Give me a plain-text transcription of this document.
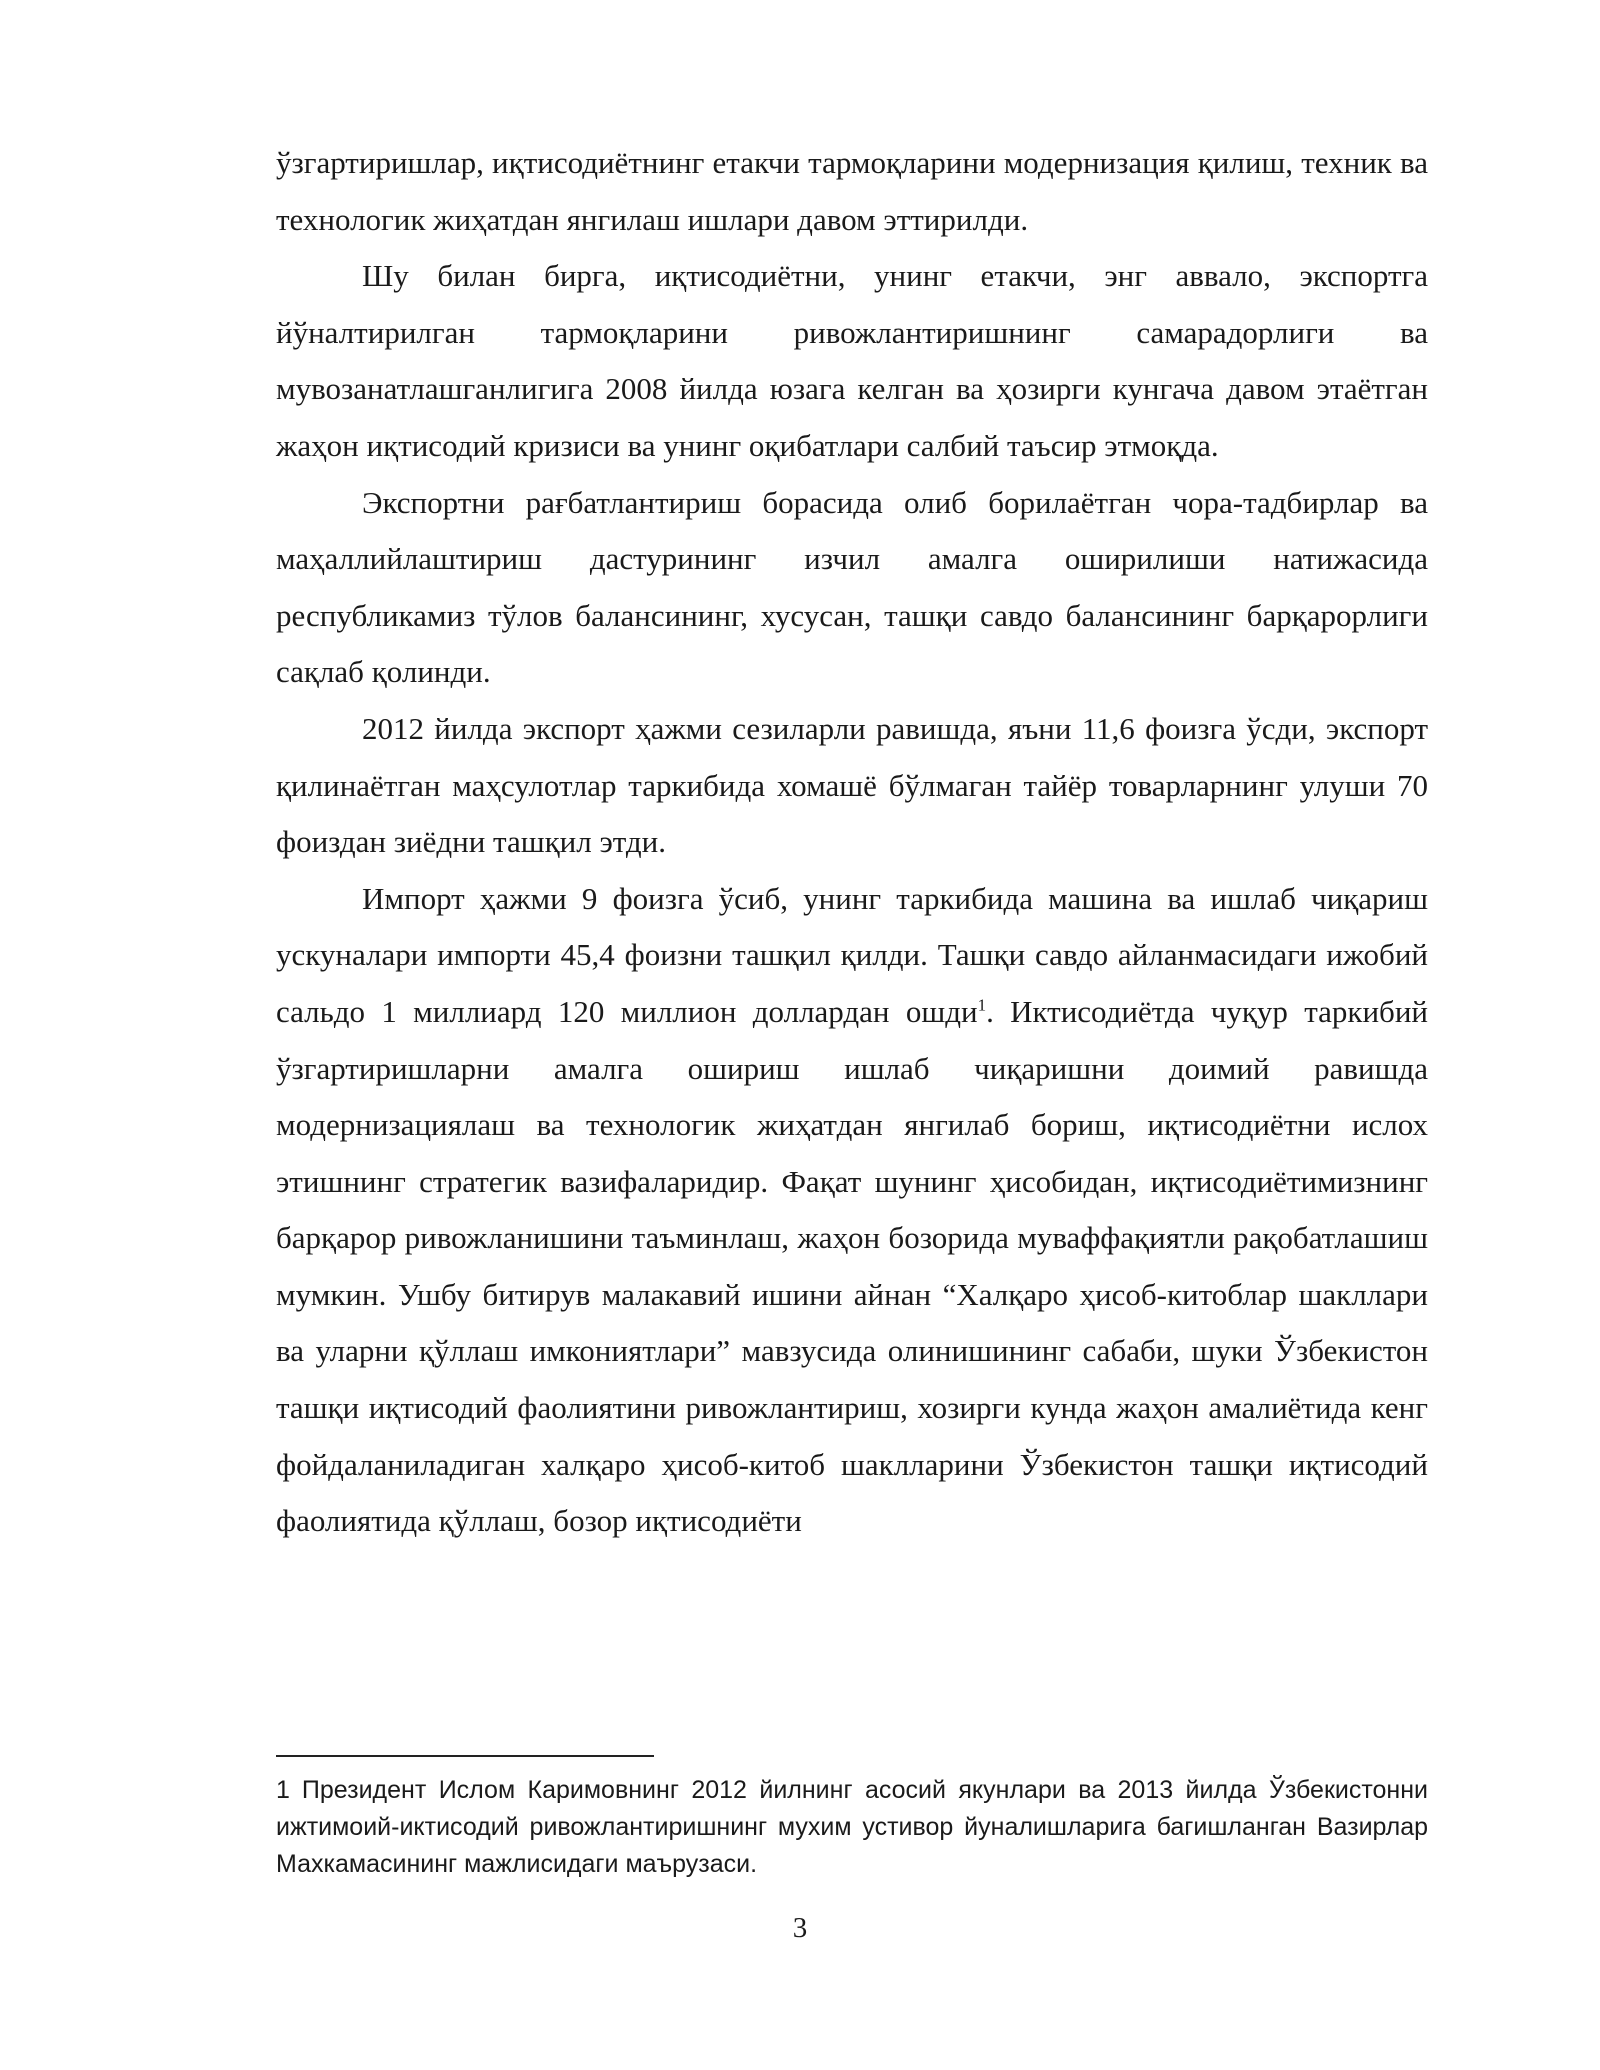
ўзгартиришлар, иқтисодиётнинг етакчи тармоқларини модернизация қилиш, техник ва технологик жиҳатдан янгилаш ишлари давом эттирилди.

Шу билан бирга, иқтисодиётни, унинг етакчи, энг аввало, экспортга йўналтирилган тармоқларини ривожлантиришнинг самарадорлиги ва мувозанатлашганлигига 2008 йилда юзага келган ва ҳозирги кунгача давом этаётган жаҳон иқтисодий кризиси ва унинг оқибатлари салбий таъсир этмоқда.

Экспортни рағбатлантириш борасида олиб борилаётган чора-тадбирлар ва маҳаллийлаштириш дастурининг изчил амалга оширилиши натижасида республикамиз тўлов балансининг, хусусан, ташқи савдо балансининг барқарорлиги сақлаб қолинди.

2012 йилда экспорт ҳажми сезиларли равишда, яъни 11,6 фоизга ўсди, экспорт қилинаётган маҳсулотлар таркибида хомашё бўлмаган тайёр товарларнинг улуши 70 фоиздан зиёдни ташқил этди.

Импорт ҳажми 9 фоизга ўсиб, унинг таркибида машина ва ишлаб чиқариш ускуналари импорти 45,4 фоизни ташқил қилди. Ташқи савдо айланмасидаги ижобий сальдо 1 миллиард 120 миллион доллардан ошди$^1$. Иктисодиётда чуқур таркибий ўзгартиришларни амалга ошириш ишлаб чиқаришни доимий равишда модернизациялаш ва технологик жиҳатдан янгилаб бориш, иқтисодиётни ислох этишнинг стратегик вазифаларидир. Фақат шунинг ҳисобидан, иқтисодиётимизнинг барқарор ривожланишини таъминлаш, жаҳон бозорида муваффақиятли рақобатлашиш мумкин. Ушбу битирув малакавий ишини айнан “Халқаро ҳисоб-китоблар шакллари ва уларни қўллаш имкониятлари” мавзусида олинишининг сабаби, шуки Ўзбекистон ташқи иқтисодий фаолиятини ривожлантириш, хозирги кунда жаҳон амалиётида кенг фойдаланиладиган халқаро ҳисоб-китоб шаклларини Ўзбекистон ташқи иқтисодий фаолиятида қўллаш, бозор иқтисодиёти

1 Президент Ислом Каримовнинг 2012 йилнинг асосий якунлари ва 2013 йилда Ўзбекистонни ижтимоий-иктисодий ривожлантиришнинг мухим устивор йуналишларига багишланган Вазирлар Махкамасининг мажлисидаги маърузаси.

3
